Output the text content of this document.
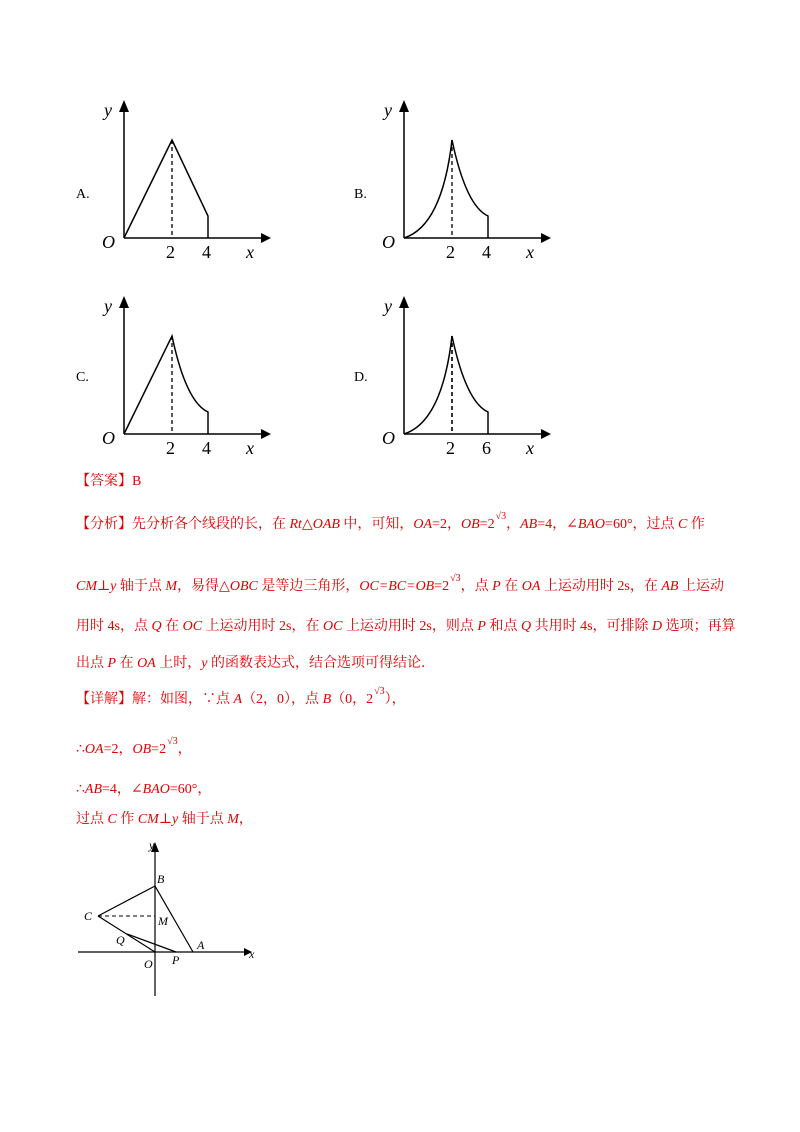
A.
O	2 4 x
y
B.
O	2 4 x
y
C.
O	2 4 x
y
D.
O	2 6 x
y
【答案】B
【分析】先分析各个线段的长，在 Rt△OAB 中，可知，OA=2，$OB=2^{√3}$，AB=4，∠BAO=60°，过点 C 作
CM⊥y 轴于点 M，易得△OBC 是等边三角形，$OC=BC=OB=2^{√3}$，点 P 在 OA 上运动用时 2s，在 AB 上运动
用时 4s，点 Q 在 OC 上运动用时 2s，在 OC 上运动用时 2s，则点 P 和点 Q 共用时 4s，可排除 D 选项；再算
出点 P 在 OA 上时，y 的函数表达式，结合选项可得结论．
【详解】解：如图，∵点 A（2，0），点 B（0，$2^{√3}$），
∴OA=2，$OB=2^{√3}$，
∴AB=4，∠BAO=60°，
过点 C 作 CM⊥y 轴于点 M，
B
C	M
Q
O P
A
x
y
